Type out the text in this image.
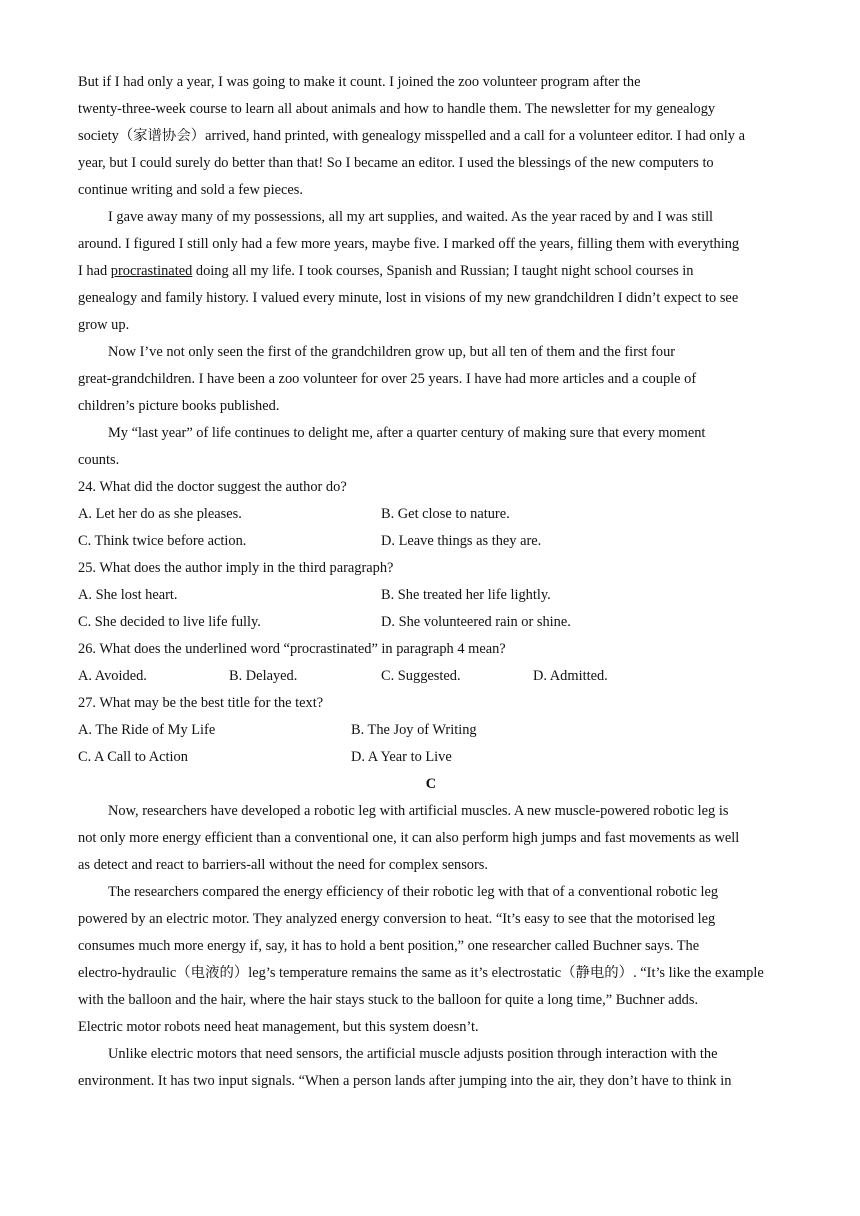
But if I had only a year, I was going to make it count. I joined the zoo volunteer program after the
twenty-three-week course to learn all about animals and how to handle them. The newsletter for my genealogy
society（家谱协会）arrived, hand printed, with genealogy misspelled and a call for a volunteer editor. I had only a
year, but I could surely do better than that! So I became an editor. I used the blessings of the new computers to
continue writing and sold a few pieces.
I gave away many of my possessions, all my art supplies, and waited. As the year raced by and I was still
around. I figured I still only had a few more years, maybe five. I marked off the years, filling them with everything
I had procrastinated doing all my life. I took courses, Spanish and Russian; I taught night school courses in
genealogy and family history. I valued every minute, lost in visions of my new grandchildren I didn’t expect to see
grow up.
Now I’ve not only seen the first of the grandchildren grow up, but all ten of them and the first four
great-grandchildren. I have been a zoo volunteer for over 25 years. I have had more articles and a couple of
children’s picture books published.
My “last year” of life continues to delight me, after a quarter century of making sure that every moment
counts.
24. What did the doctor suggest the author do?
A. Let her do as she pleases.	B. Get close to nature.
C. Think twice before action.	D. Leave things as they are.
25. What does the author imply in the third paragraph?
A. She lost heart.	B. She treated her life lightly.
C. She decided to live life fully.	D. She volunteered rain or shine.
26. What does the underlined word “procrastinated” in paragraph 4 mean?
A. Avoided.	B. Delayed.	C. Suggested.	D. Admitted.
27. What may be the best title for the text?
A. The Ride of My Life	B. The Joy of Writing
C. A Call to Action	D. A Year to Live
C
Now, researchers have developed a robotic leg with artificial muscles. A new muscle-powered robotic leg is
not only more energy efficient than a conventional one, it can also perform high jumps and fast movements as well
as detect and react to barriers-all without the need for complex sensors.
The researchers compared the energy efficiency of their robotic leg with that of a conventional robotic leg
powered by an electric motor. They analyzed energy conversion to heat. “It’s easy to see that the motorised leg
consumes much more energy if, say, it has to hold a bent position,” one researcher called Buchner says. The
electro-hydraulic（电液的）leg’s temperature remains the same as it’s electrostatic（静电的）. “It’s like the example
with the balloon and the hair, where the hair stays stuck to the balloon for quite a long time,” Buchner adds.
Electric motor robots need heat management, but this system doesn’t.
Unlike electric motors that need sensors, the artificial muscle adjusts position through interaction with the
environment. It has two input signals. “When a person lands after jumping into the air, they don’t have to think in
